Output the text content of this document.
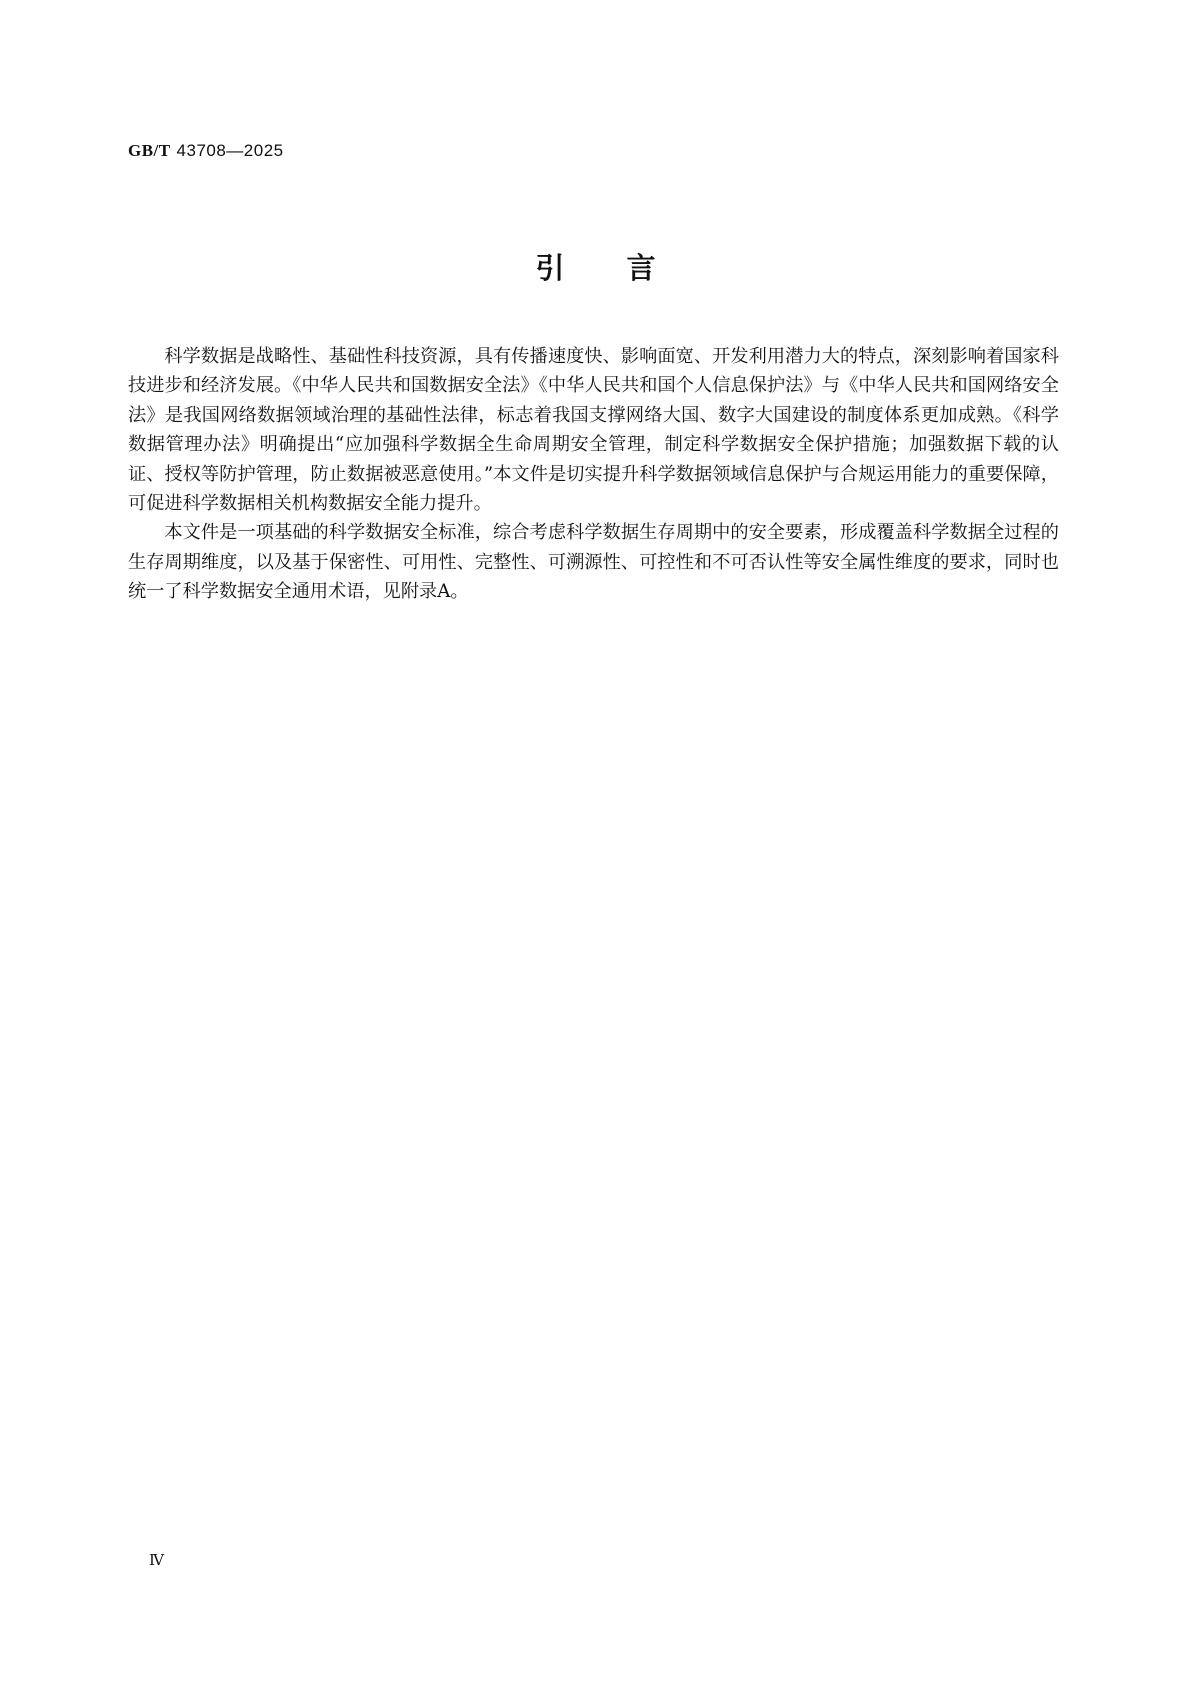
GB/T 43708—2025
引言

科学数据是战略性、基础性科技资源，具有传播速度快、影响面宽、开发利用潜力大的特点，深刻影响着国家科技进步和经济发展。《中华人民共和国数据安全法》《中华人民共和国个人信息保护法》与《中华人民共和国网络安全法》是我国网络数据领域治理的基础性法律，标志着我国支撑网络大国、数字大国建设的制度体系更加成熟。《科学数据管理办法》明确提出“应加强科学数据全生命周期安全管理，制定科学数据安全保护措施；加强数据下载的认证、授权等防护管理，防止数据被恶意使用。”本文件是切实提升科学数据领域信息保护与合规运用能力的重要保障，可促进科学数据相关机构数据安全能力提升。

本文件是一项基础的科学数据安全标准，综合考虑科学数据生存周期中的安全要素，形成覆盖科学数据全过程的生存周期维度，以及基于保密性、可用性、完整性、可溯源性、可控性和不可否认性等安全属性维度的要求，同时也统一了科学数据安全通用术语，见附录A。

Ⅳ
